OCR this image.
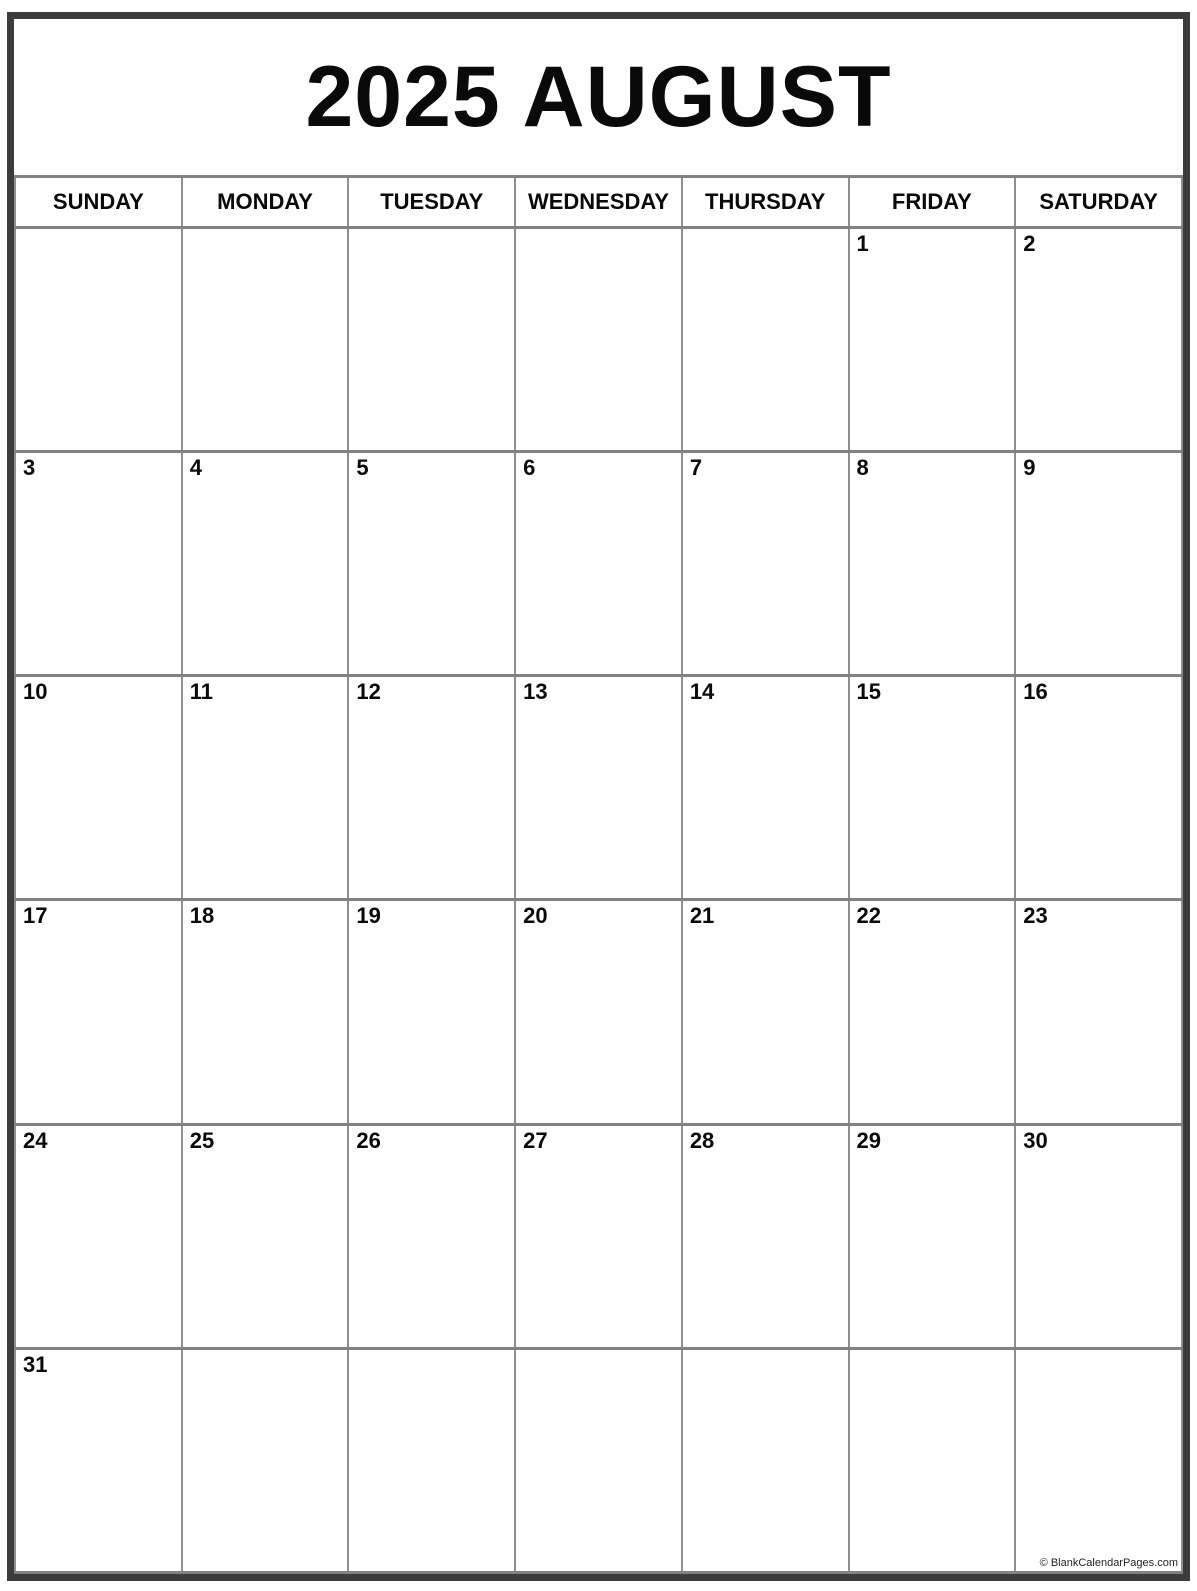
2025 AUGUST
SUNDAY	MONDAY	TUESDAY	WEDNESDAY	THURSDAY	FRIDAY	SATURDAY

					1	2

3	4	5	6	7	8	9

10	11	12	13	14	15	16

17	18	19	20	21	22	23

24	25	26	27	28	29	30

31						

© BlankCalendarPages.com
